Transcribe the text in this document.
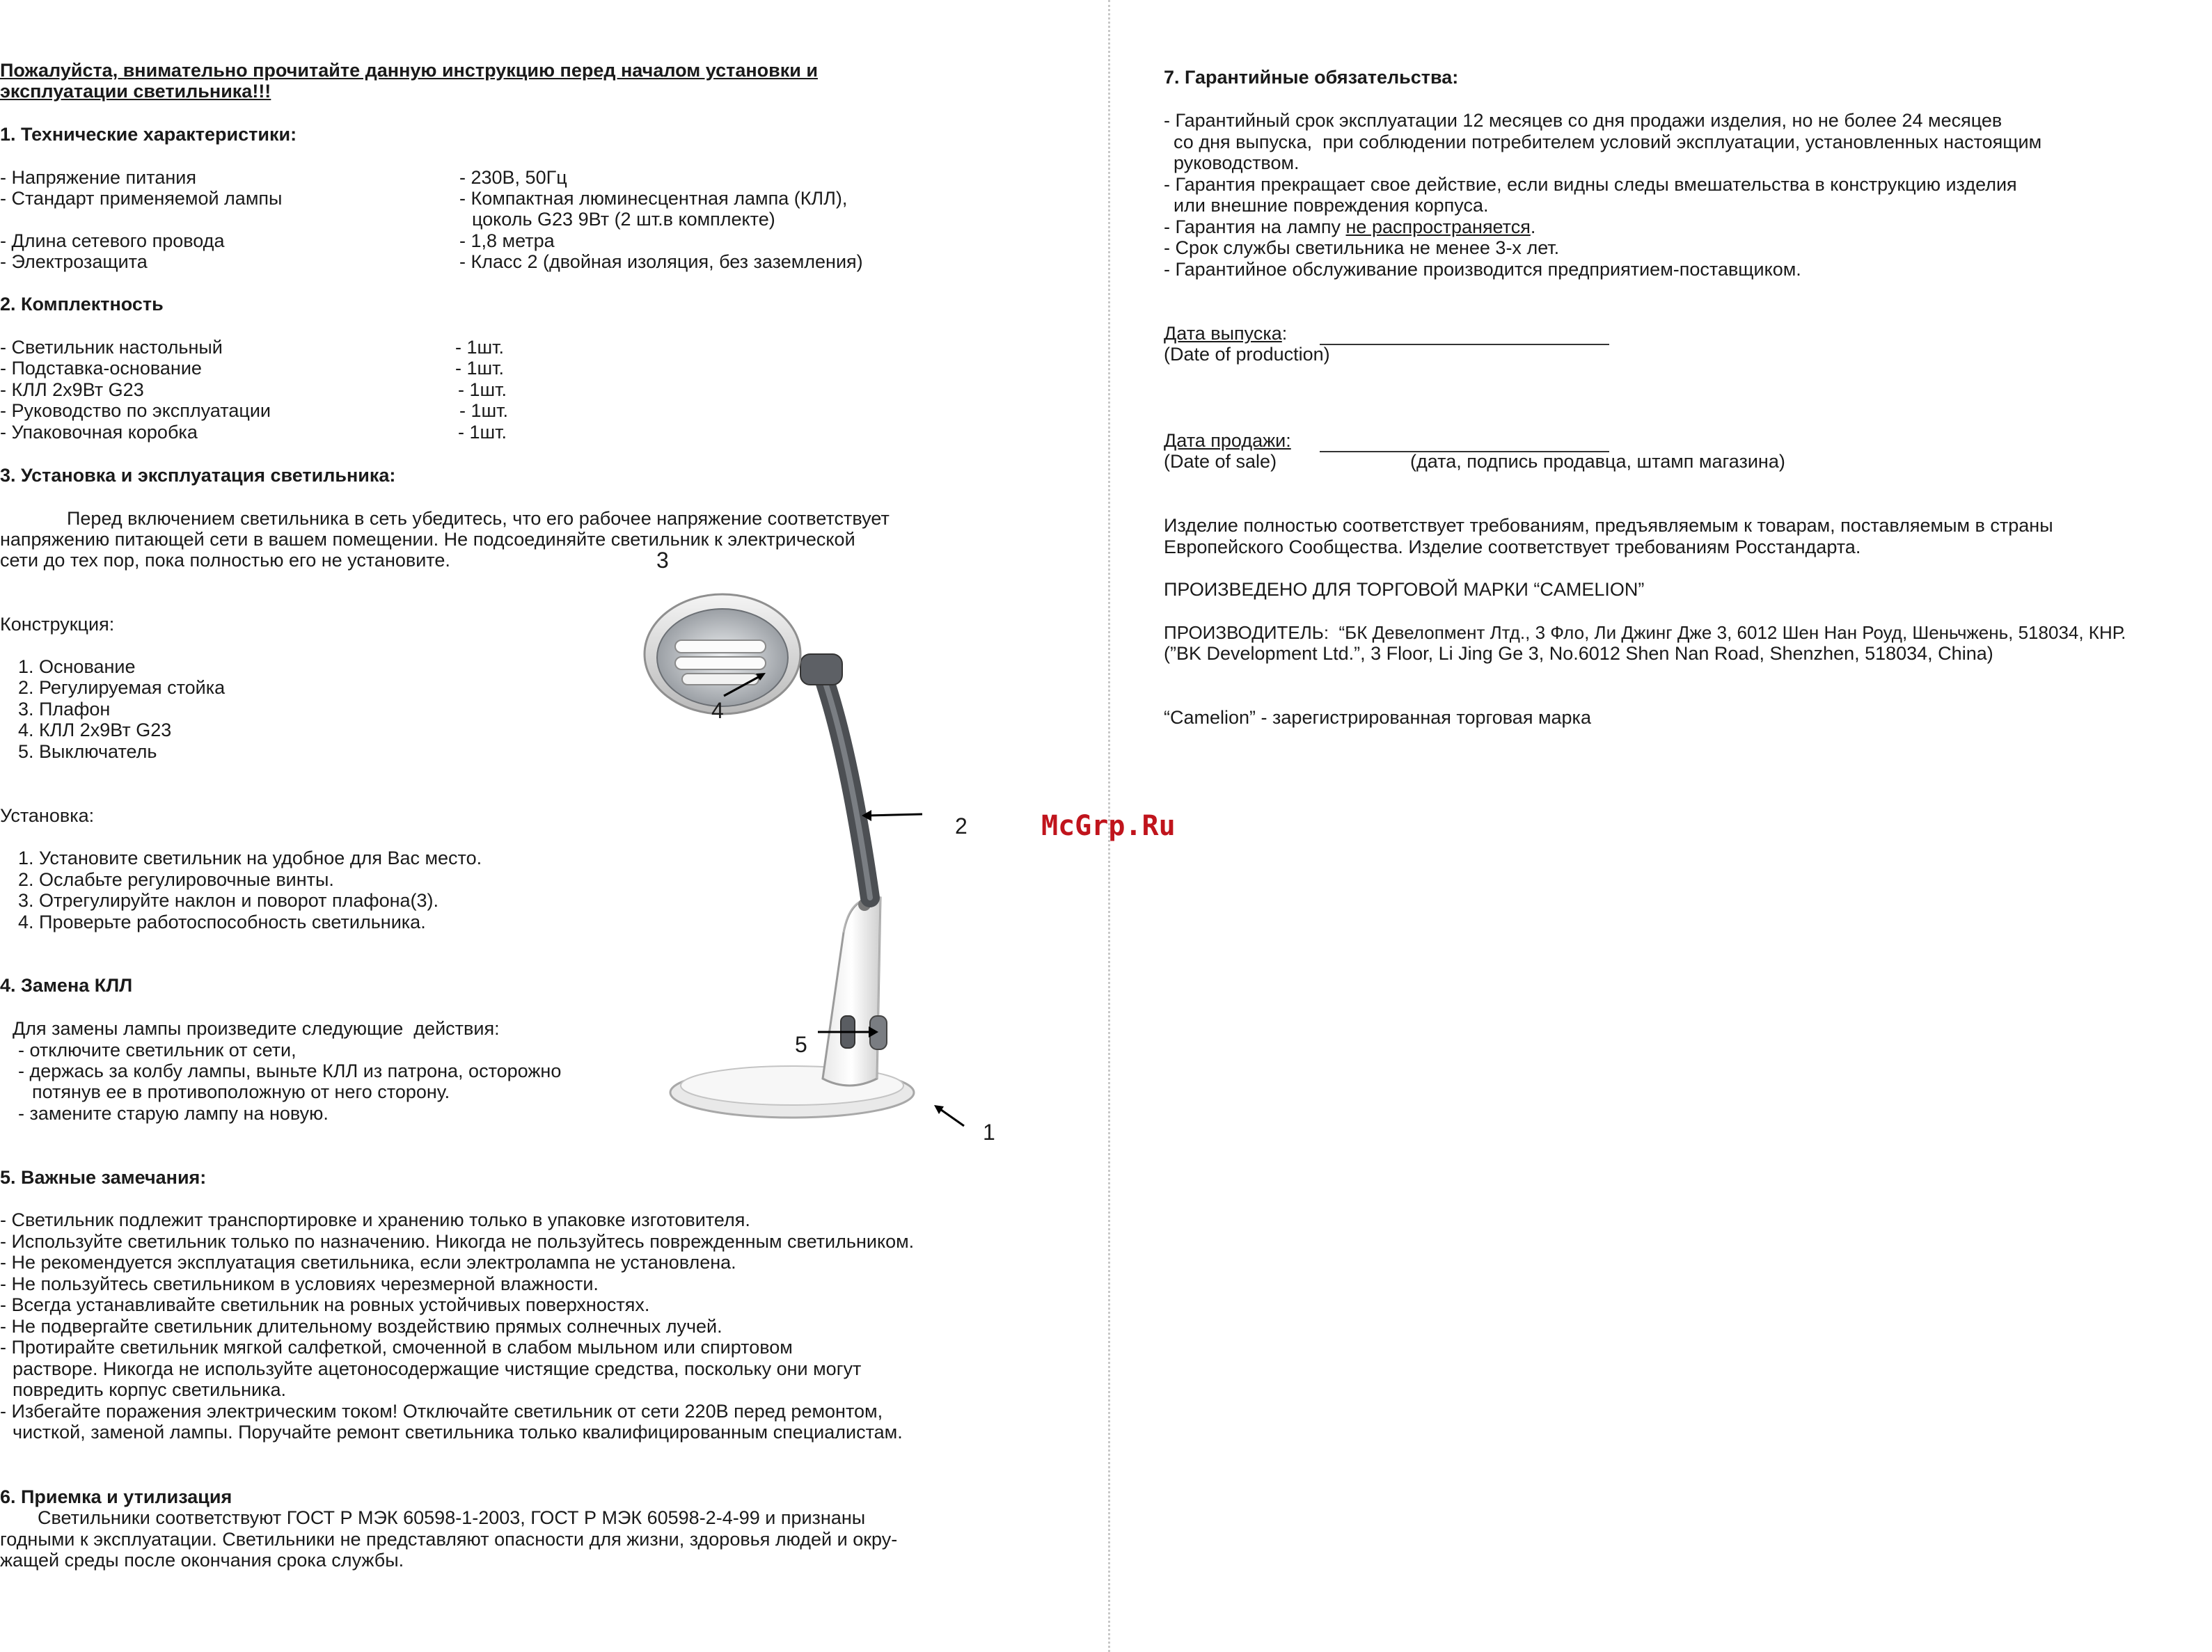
Пожалуйста, внимательно прочитайте данную инструкцию перед началом установки и
эксплуатации светильника!!!
1. Технические характеристики:
- Напряжение питания	- 230В, 50Гц
- Стандарт применяемой лампы	- Компактная люминесцентная лампа (КЛЛ),
цоколь G23 9Вт (2 шт.в комплекте)
- Длина сетевого провода	- 1,8 метра
- Электрозащита	- Класс 2 (двойная изоляция, без заземления)
2. Комплектность
- Светильник настольный	- 1шт.
- Подставка-основание	- 1шт.
- КЛЛ 2х9Вт G23	- 1шт.
- Руководство по эксплуатации	- 1шт.
- Упаковочная коробка	- 1шт.
3. Установка и эксплуатация светильника:
Перед включением светильника в сеть убедитесь, что его рабочее напряжение соответствует
напряжению питающей сети в вашем помещении. Не подсоединяйте светильник к электрической
сети до тех пор, пока полностью его не установите.
Конструкция:
1. Основание
2. Регулируемая стойка
3. Плафон
4. КЛЛ 2х9Вт G23
5. Выключатель
Установка:
1. Установите светильник на удобное для Вас место.
2. Ослабьте регулировочные винты.
3. Отрегулируйте наклон и поворот плафона(3).
4. Проверьте работоспособность светильника.
4. Замена КЛЛ
Для замены лампы произведите следующие  действия:
- отключите светильник от сети,
- держась за колбу лампы, выньте КЛЛ из патрона, осторожно
потянув ее в противоположную от него сторону.
- замените старую лампу на новую.
5. Важные замечания:
- Светильник подлежит транспортировке и хранению только в упаковке изготовителя.
- Используйте светильник только по назначению. Никогда не пользуйтесь поврежденным светильником.
- Не рекомендуется эксплуатация светильника, если электролампа не установлена.
- Не пользуйтесь светильником в условиях черезмерной влажности.
- Всегда устанавливайте светильник на ровных устойчивых поверхностях.
- Не подвергайте светильник длительному воздействию прямых солнечных лучей.
- Протирайте светильник мягкой салфеткой, смоченной в слабом мыльном или спиртовом
растворе. Никогда не используйте ацетоносодержащие чистящие средства, поскольку они могут
повредить корпус светильника.
- Избегайте поражения электрическим током! Отключайте светильник от сети 220В перед ремонтом,
чисткой, заменой лампы. Поручайте ремонт светильника только квалифицированным специалистам.
6. Приемка и утилизация
Светильники соответствуют ГОСТ Р МЭК 60598-1-2003, ГОСТ Р МЭК 60598-2-4-99 и признаны
годными к эксплуатации. Светильники не представляют опасности для жизни, здоровья людей и окру-
жащей среды после окончания срока службы.
3
4
2
5
1
McGrp.Ru
7. Гарантийные обязательства:
- Гарантийный срок эксплуатации 12 месяцев со дня продажи изделия, но не более 24 месяцев
со дня выпуска,  при соблюдении потребителем условий эксплуатации, установленных настоящим
руководством.
- Гарантия прекращает свое действие, если видны следы вмешательства в конструкцию изделия
или внешние повреждения корпуса.
- Гарантия на лампу не распространяется.
- Срок службы светильника не менее 3-х лет.
- Гарантийное обслуживание производится предприятием-поставщиком.
Дата выпуска:
(Date of production)
Дата продажи:
(Date of sale)	(дата, подпись продавца, штамп магазина)
Изделие полностью соответствует требованиям, предъявляемым к товарам, поставляемым в страны
Европейского Сообщества. Изделие соответствует требованиям Росстандарта.
ПРОИЗВЕДЕНО ДЛЯ ТОРГОВОЙ МАРКИ “CAMELION”
ПРОИЗВОДИТЕЛЬ:  “БК Девелопмент Лтд., 3 Фло, Ли Джинг Дже 3, 6012 Шен Нан Роуд, Шеньчжень, 518034, КНР.
(”BK Development Ltd.”, 3 Floor, Li Jing Ge 3, No.6012 Shen Nan Road, Shenzhen, 518034, China)
“Camelion” - зарегистрированная торговая марка
